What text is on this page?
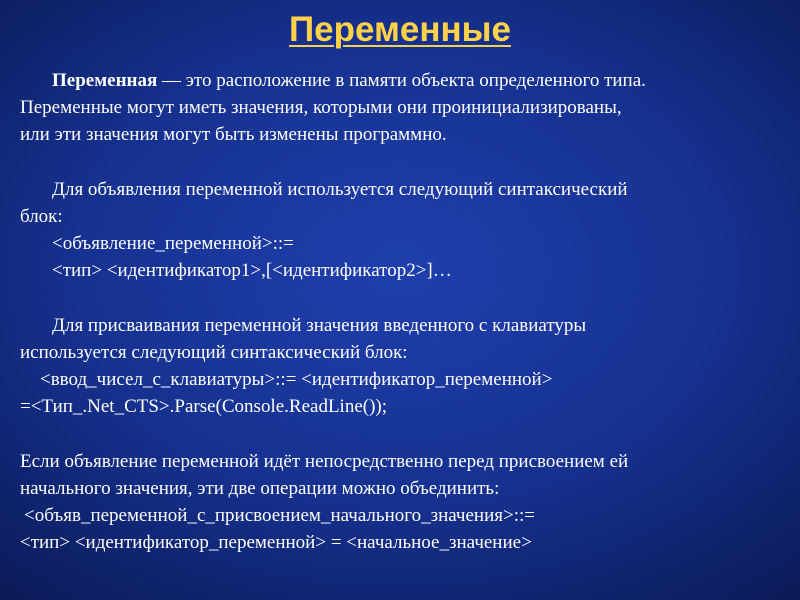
Переменные
Переменная — это расположение в памяти объекта определенного типа.
Переменные могут иметь значения, которыми они проинициализированы,
или эти значения могут быть изменены программно.
Для объявления переменной используется следующий синтаксический
блок:
<объявление_переменной>::=
<тип> <идентификатор1>,[<идентификатор2>]…
Для присваивания переменной значения введенного с клавиатуры
используется следующий синтаксический блок:
<ввод_чисел_с_клавиатуры>::= <идентификатор_переменной>
=<Тип_.Net_CTS>.Parse(Console.ReadLine());
Если объявление переменной идёт непосредственно перед присвоением ей
начального значения, эти две операции можно объединить:
<объяв_переменной_с_присвоением_начального_значения>::=
<тип> <идентификатор_переменной> = <начальное_значение>
